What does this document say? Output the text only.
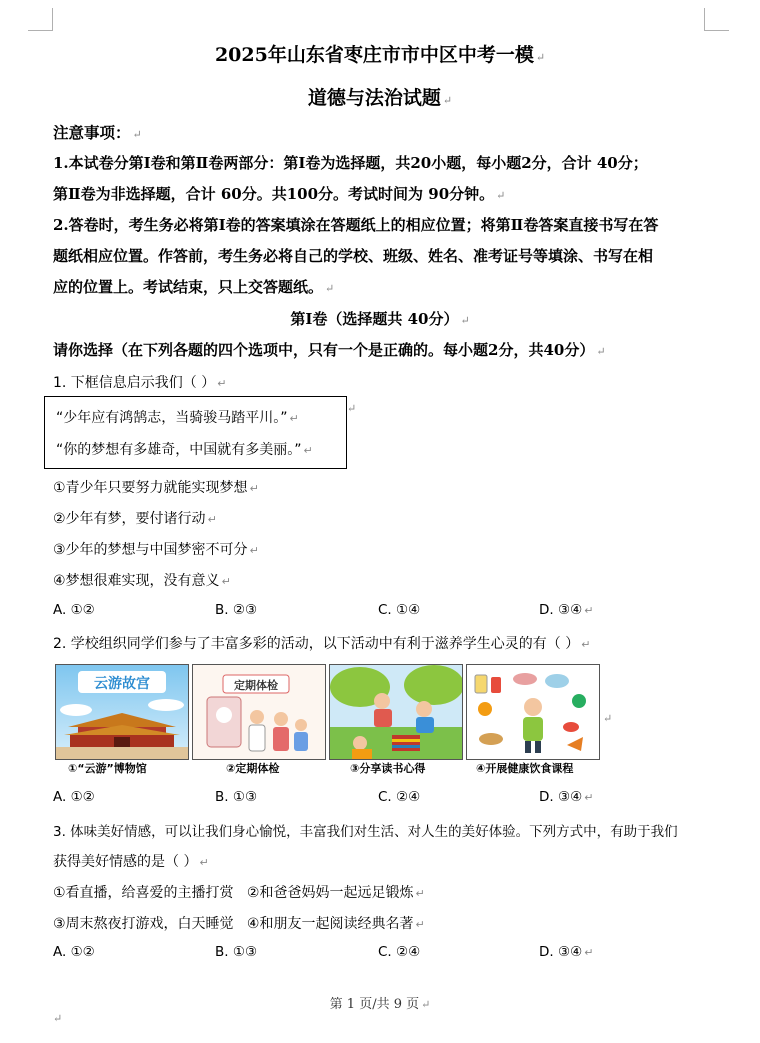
2025年山东省枣庄市市中区中考一模 ↵
道德与法治试题 ↵
注意事项： ↵
1.本试卷分第Ⅰ卷和第Ⅱ卷两部分：第Ⅰ卷为选择题，共20小题，每小题2分，合计 40分；
第Ⅱ卷为非选择题，合计 60分。共100分。考试时间为 90分钟。 ↵
2.答卷时，考生务必将第Ⅰ卷的答案填涂在答题纸上的相应位置；将第Ⅱ卷答案直接书写在答
题纸相应位置。作答前，考生务必将自己的学校、班级、姓名、准考证号等填涂、书写在相
应的位置上。考试结束，只上交答题纸。 ↵
第Ⅰ卷（选择题共 40分） ↵
请你选择（在下列各题的四个选项中，只有一个是正确的。每小题2分，共40分） ↵
1. 下框信息启示我们（ ） ↵
↵
“少年应有鸿鹄志，当骑骏马踏平川。” ↵
“你的梦想有多雄奇，中国就有多美丽。” ↵
①青少年只要努力就能实现梦想 ↵
②少年有梦，要付诸行动 ↵
③少年的梦想与中国梦密不可分 ↵
④梦想很难实现，没有意义 ↵
A. ①②	B. ②③	C. ①④	D. ③④ ↵
2. 学校组织同学们参与了丰富多彩的活动，以下活动中有利于滋养学生心灵的有（ ） ↵
云游故宫	定期体检
↵
①“云游”博物馆	②定期体检	③分享读书心得	④开展健康饮食课程
A. ①②	B. ①③	C. ②④	D. ③④ ↵
3. 体味美好情感，可以让我们身心愉悦，丰富我们对生活、对人生的美好体验。下列方式中，有助于我们
获得美好情感的是（ ） ↵
①看直播，给喜爱的主播打赏   ②和爸爸妈妈一起远足锻炼 ↵
③周末熬夜打游戏，白天睡觉   ④和朋友一起阅读经典名著 ↵
A. ①②	B. ①③	C. ②④	D. ③④ ↵
第 1 页/共 9 页 ↵
↵
